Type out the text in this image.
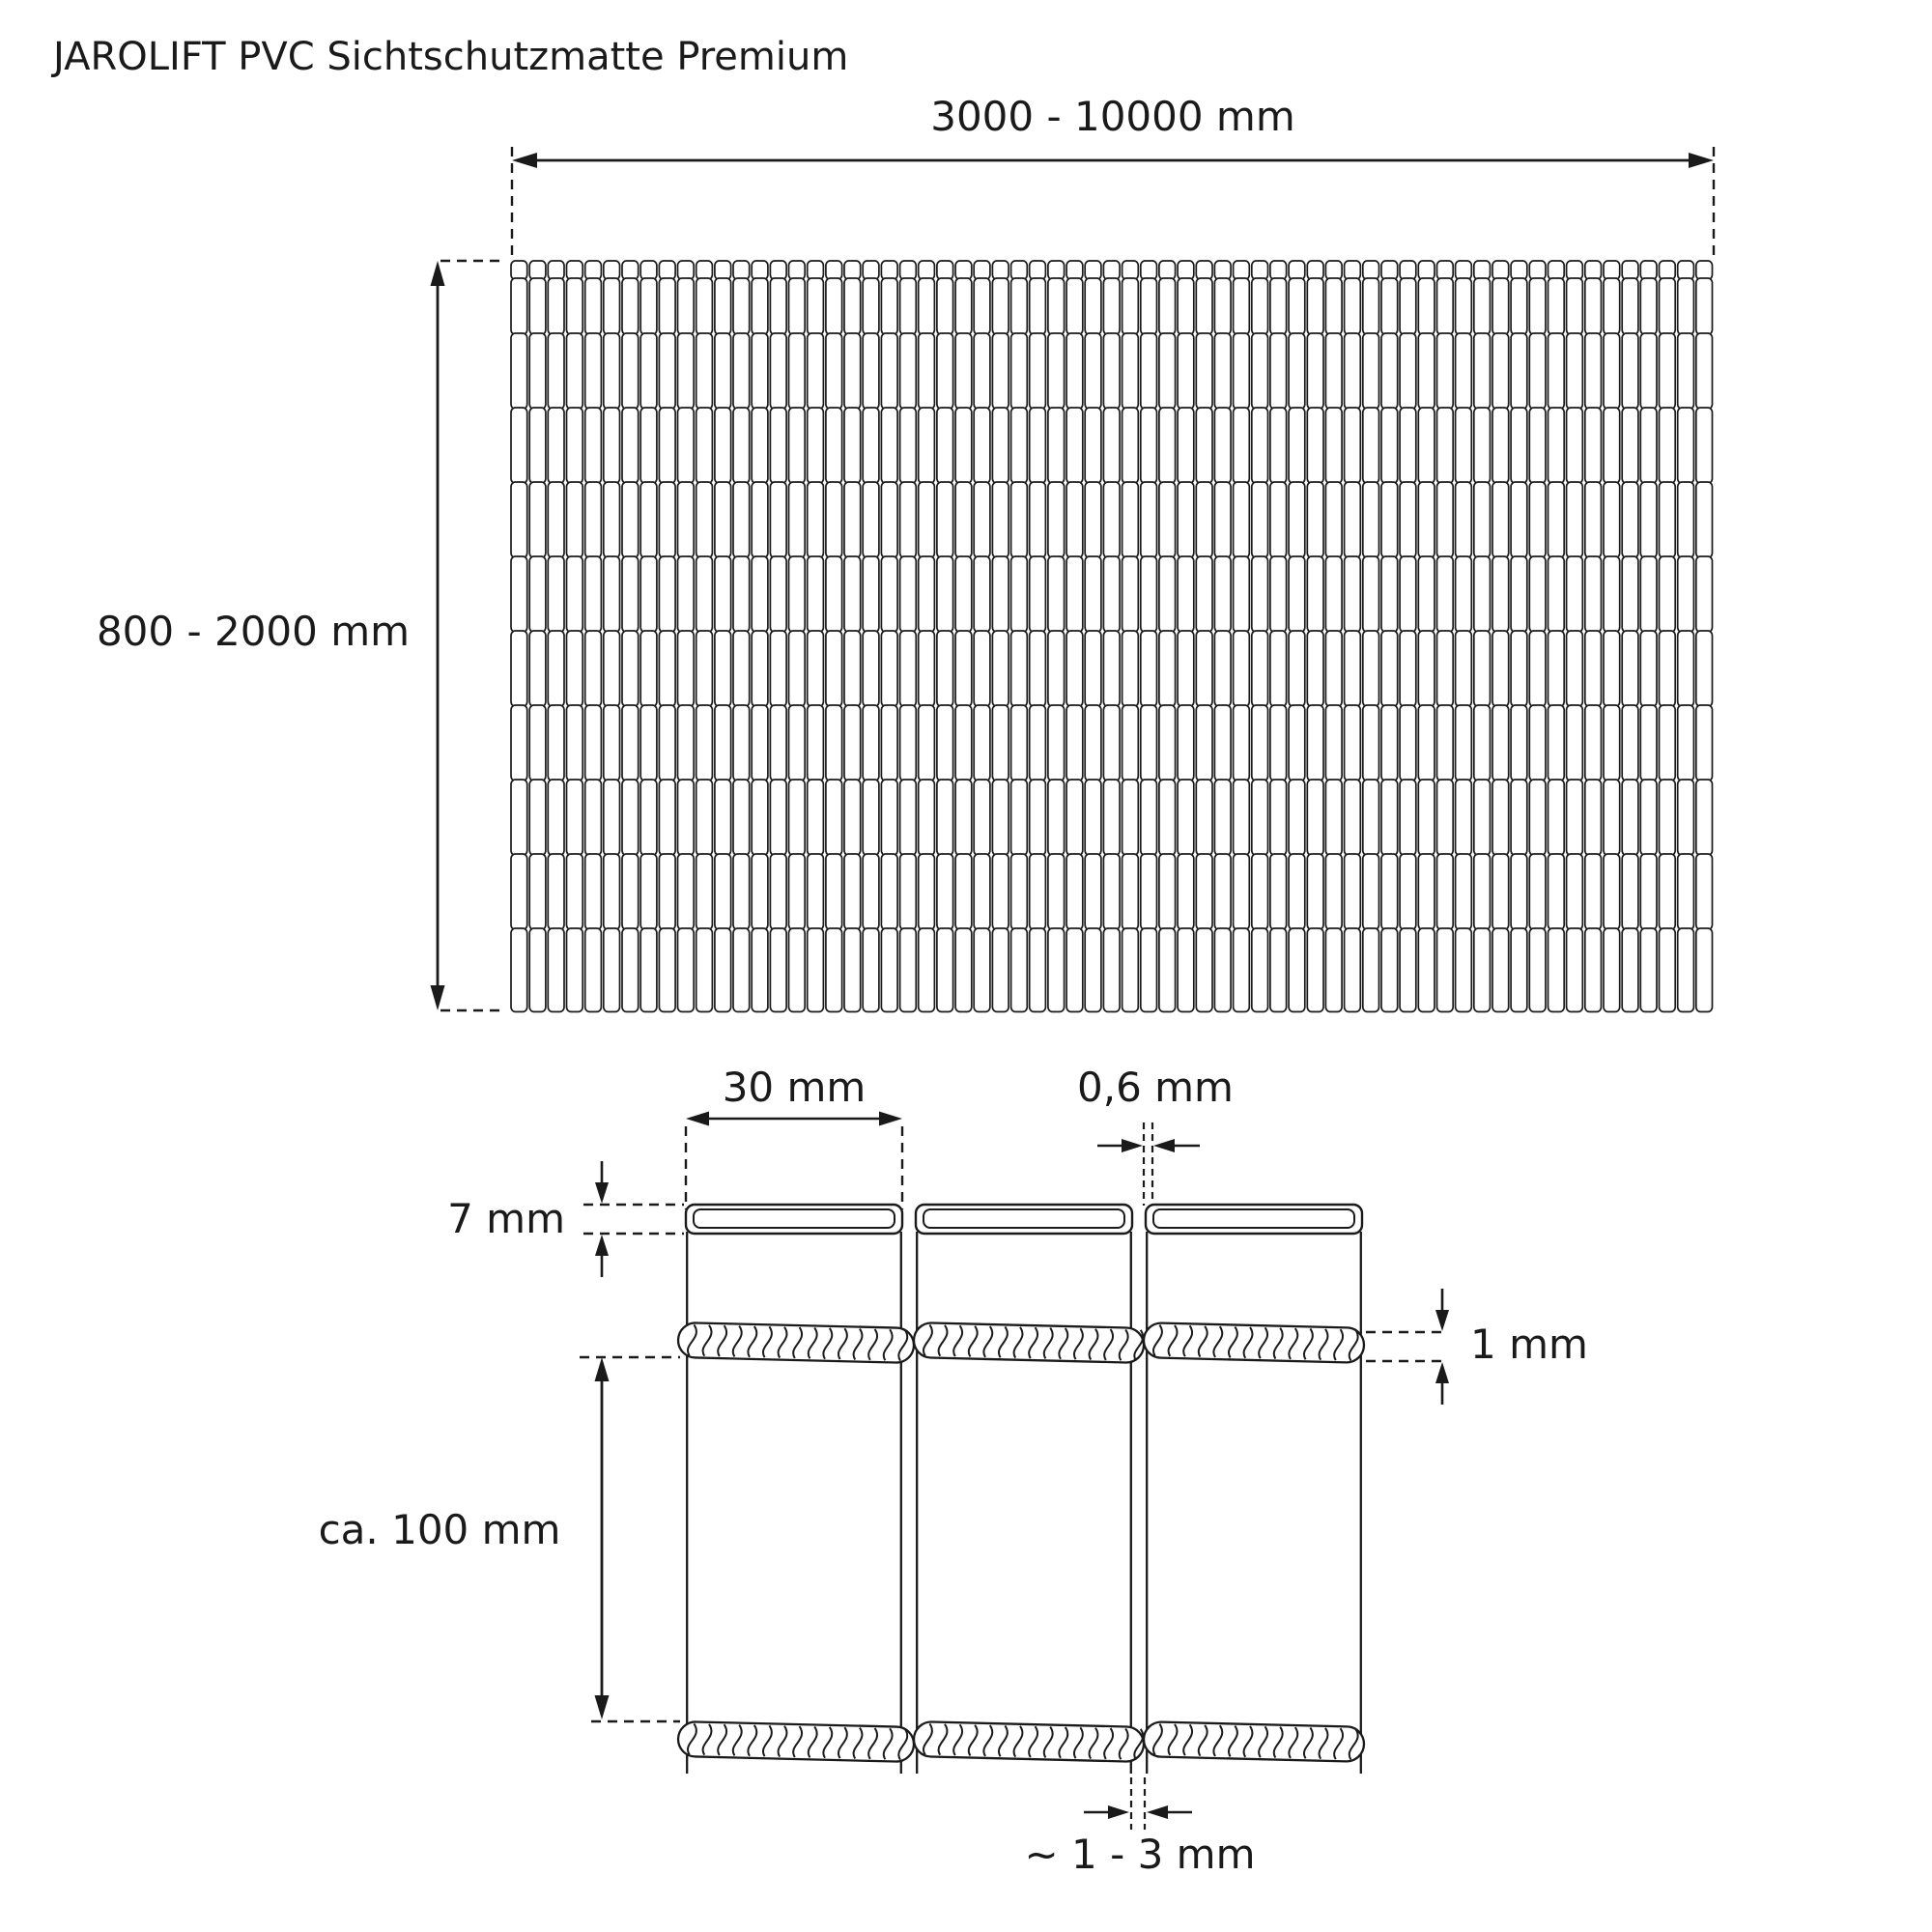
JAROLIFT PVC Sichtschutzmatte Premium
3000 - 10000 mm
800 - 2000 mm
30 mm	0,6 mm
7 mm
1 mm
ca. 100 mm
~ 1 - 3 mm
